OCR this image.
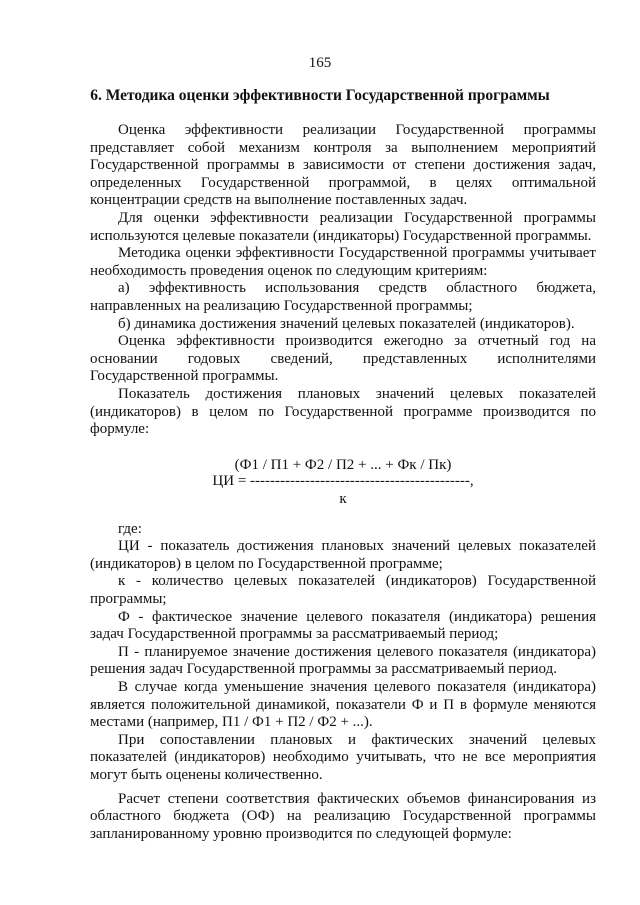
165
6. Методика оценки эффективности Государственной программы

Оценка эффективности реализации Государственной программы представляет собой механизм контроля за выполнением мероприятий Государственной программы в зависимости от степени достижения задач, определенных Государственной программой, в целях оптимальной концентрации средств на выполнение поставленных задач.

Для оценки эффективности реализации Государственной программы используются целевые показатели (индикаторы) Государственной программы.

Методика оценки эффективности Государственной программы учитывает необходимость проведения оценок по следующим критериям:

а) эффективность использования средств областного бюджета, направленных на реализацию Государственной программы;

б) динамика достижения значений целевых показателей (индикаторов).

Оценка эффективности производится ежегодно за отчетный год на основании годовых сведений, представленных исполнителями Государственной программы.

Показатель достижения плановых значений целевых показателей (индикаторов) в целом по Государственной программе производится по формуле:

(Ф1 / П1 + Ф2 / П2 + ... + Фк / Пк)
ЦИ = --------------------------------------------,
к

где:

ЦИ - показатель достижения плановых значений целевых показателей (индикаторов) в целом по Государственной программе;

к - количество целевых показателей (индикаторов) Государственной программы;

Ф - фактическое значение целевого показателя (индикатора) решения задач Государственной программы за рассматриваемый период;

П - планируемое значение достижения целевого показателя (индикатора) решения задач Государственной программы за рассматриваемый период.

В случае когда уменьшение значения целевого показателя (индикатора) является положительной динамикой, показатели Ф и П в формуле меняются местами (например, П1 / Ф1 + П2 / Ф2 + ...).

При сопоставлении плановых и фактических значений целевых показателей (индикаторов) необходимо учитывать, что не все мероприятия могут быть оценены количественно.

Расчет степени соответствия фактических объемов финансирования из областного бюджета (ОФ) на реализацию Государственной программы запланированному уровню производится по следующей формуле:
